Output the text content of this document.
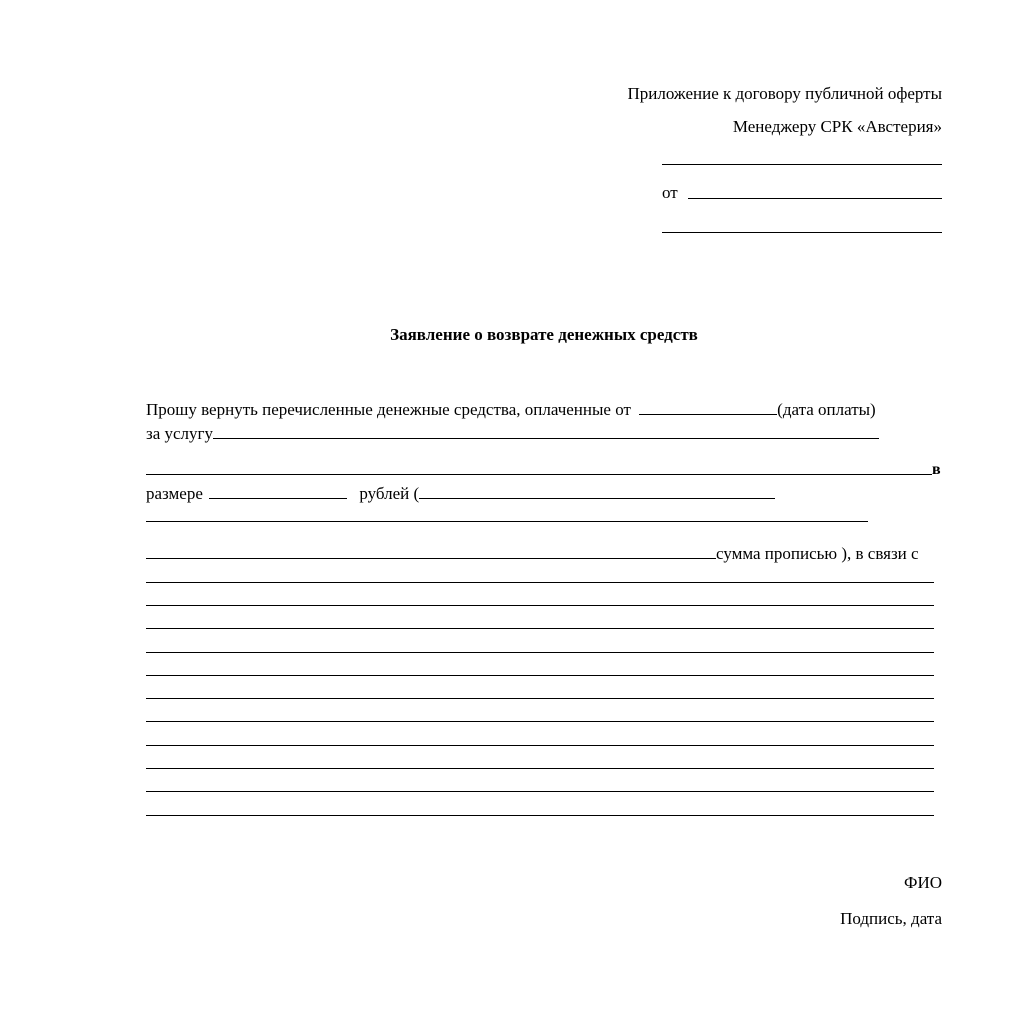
Приложение к договору публичной оферты
Менеджеру СРК «Австерия»
от
Заявление о возврате денежных средств
Прошу вернуть перечисленные денежные средства, оплаченные от	(дата оплаты)
за услугу
в
размере	рублей (
сумма прописью ), в связи с
ФИО
Подпись, дата
